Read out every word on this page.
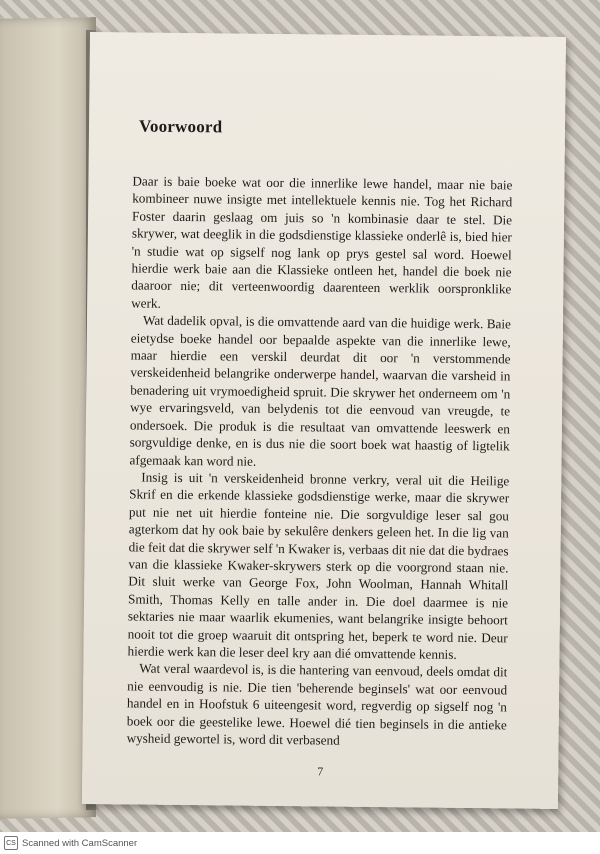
Voorwoord

Daar is baie boeke wat oor die innerlike lewe handel, maar nie baie kombineer nuwe insigte met intellektuele kennis nie. Tog het Richard Foster daarin geslaag om juis so 'n kombinasie daar te stel. Die skrywer, wat deeglik in die godsdienstige klassieke onderlê is, bied hier 'n studie wat op sigself nog lank op prys gestel sal word. Hoewel hierdie werk baie aan die Klassieke ontleen het, handel die boek nie daaroor nie; dit verteenwoordig daarenteen werklik oorspronklike werk.

Wat dadelik opval, is die omvattende aard van die huidige werk. Baie eietydse boeke handel oor bepaalde aspekte van die innerlike lewe, maar hierdie een verskil deurdat dit oor 'n verstommende verskeidenheid belangrike onderwerpe handel, waarvan die varsheid in benadering uit vrymoedigheid spruit. Die skrywer het onderneem om 'n wye ervaringsveld, van belydenis tot die eenvoud van vreugde, te ondersoek. Die produk is die resultaat van omvattende leeswerk en sorgvuldige denke, en is dus nie die soort boek wat haastig of ligtelik afgemaak kan word nie.

Insig is uit 'n verskeidenheid bronne verkry, veral uit die Heilige Skrif en die erkende klassieke godsdienstige werke, maar die skrywer put nie net uit hierdie fonteine nie. Die sorgvuldige leser sal gou agterkom dat hy ook baie by sekulêre denkers geleen het. In die lig van die feit dat die skrywer self 'n Kwaker is, verbaas dit nie dat die bydraes van die klassieke Kwaker-skrywers sterk op die voorgrond staan nie. Dit sluit werke van George Fox, John Woolman, Hannah Whitall Smith, Thomas Kelly en talle ander in. Die doel daarmee is nie sektaries nie maar waarlik ekumenies, want belangrike insigte behoort nooit tot die groep waaruit dit ontspring het, beperk te word nie. Deur hierdie werk kan die leser deel kry aan dié omvattende kennis.

Wat veral waardevol is, is die hantering van eenvoud, deels omdat dit nie eenvoudig is nie. Die tien 'beherende beginsels' wat oor eenvoud handel en in Hoofstuk 6 uiteengesit word, regverdig op sigself nog 'n boek oor die geestelike lewe. Hoewel dié tien beginsels in die antieke wysheid gewortel is, word dit verbasend

7
CS Scanned with CamScanner
